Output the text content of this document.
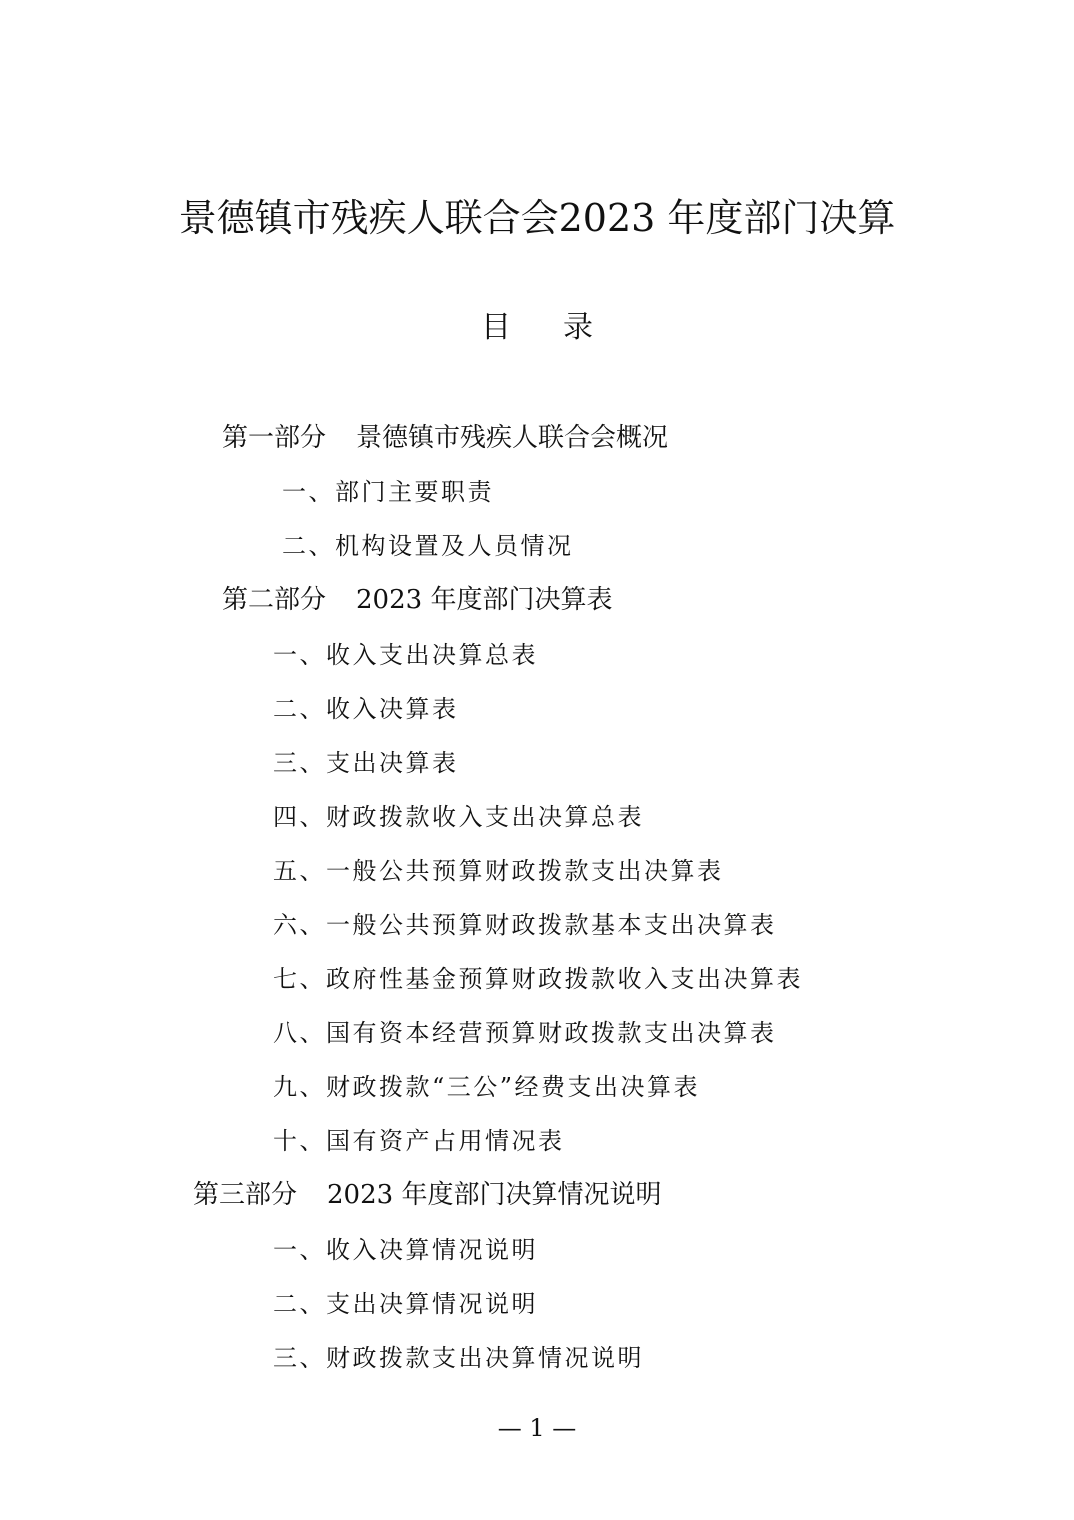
景德镇市残疾人联合会2023 年度部门决算
目录
第一部分 景德镇市残疾人联合会概况
一、部门主要职责
二、机构设置及人员情况
第二部分 2023 年度部门决算表
一、收入支出决算总表
二、收入决算表
三、支出决算表
四、财政拨款收入支出决算总表
五、一般公共预算财政拨款支出决算表
六、一般公共预算财政拨款基本支出决算表
七、政府性基金预算财政拨款收入支出决算表
八、国有资本经营预算财政拨款支出决算表
九、财政拨款“三公”经费支出决算表
十、国有资产占用情况表
第三部分 2023 年度部门决算情况说明
一、收入决算情况说明
二、支出决算情况说明
三、财政拨款支出决算情况说明
— 1 —
